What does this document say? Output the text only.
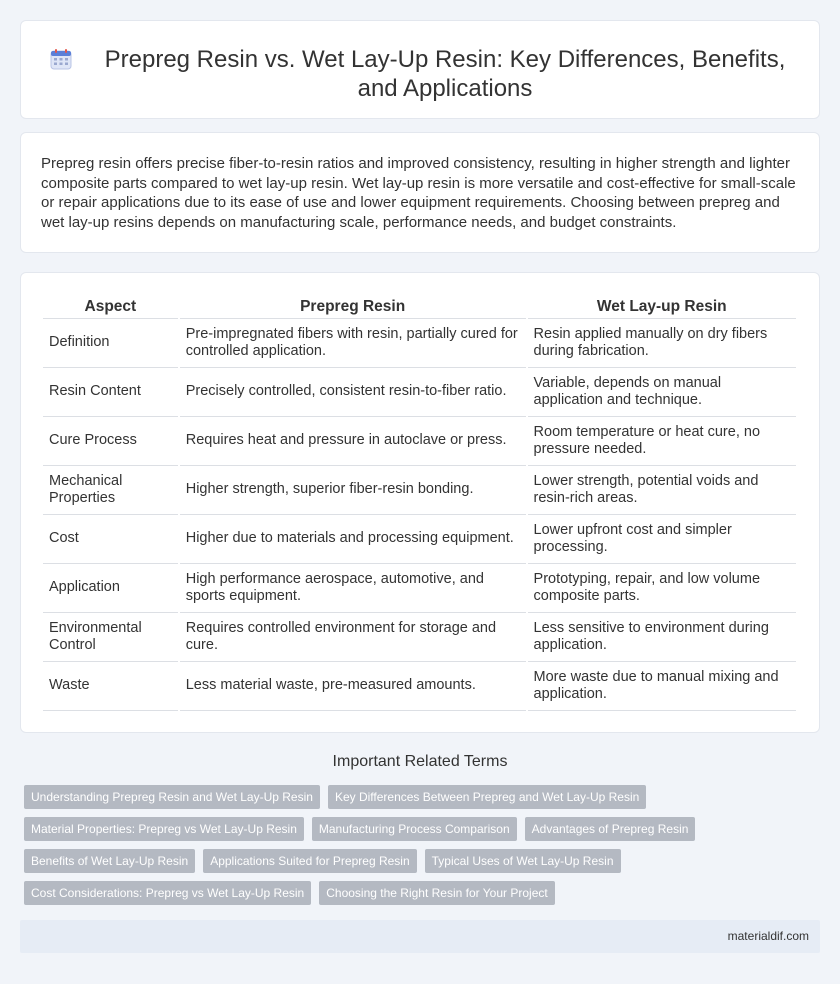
Prepreg Resin vs. Wet Lay-Up Resin: Key Differences, Benefits, and Applications

Prepreg resin offers precise fiber-to-resin ratios and improved consistency, resulting in higher strength and lighter composite parts compared to wet lay-up resin. Wet lay-up resin is more versatile and cost-effective for small-scale or repair applications due to its ease of use and lower equipment requirements. Choosing between prepreg and wet lay-up resins depends on manufacturing scale, performance needs, and budget constraints.

Aspect	Prepreg Resin	Wet Lay-up Resin
Definition	Pre-impregnated fibers with resin, partially cured for controlled application.	Resin applied manually on dry fibers during fabrication.
Resin Content	Precisely controlled, consistent resin-to-fiber ratio.	Variable, depends on manual application and technique.
Cure Process	Requires heat and pressure in autoclave or press.	Room temperature or heat cure, no pressure needed.
Mechanical Properties	Higher strength, superior fiber-resin bonding.	Lower strength, potential voids and resin-rich areas.
Cost	Higher due to materials and processing equipment.	Lower upfront cost and simpler processing.
Application	High performance aerospace, automotive, and sports equipment.	Prototyping, repair, and low volume composite parts.
Environmental Control	Requires controlled environment for storage and cure.	Less sensitive to environment during application.
Waste	Less material waste, pre-measured amounts.	More waste due to manual mixing and application.
Important Related Terms
Understanding Prepreg Resin and Wet Lay-Up Resin	Key Differences Between Prepreg and Wet Lay-Up Resin
Material Properties: Prepreg vs Wet Lay-Up Resin	Manufacturing Process Comparison	Advantages of Prepreg Resin
Benefits of Wet Lay-Up Resin	Applications Suited for Prepreg Resin	Typical Uses of Wet Lay-Up Resin
Cost Considerations: Prepreg vs Wet Lay-Up Resin	Choosing the Right Resin for Your Project
materialdif.com
